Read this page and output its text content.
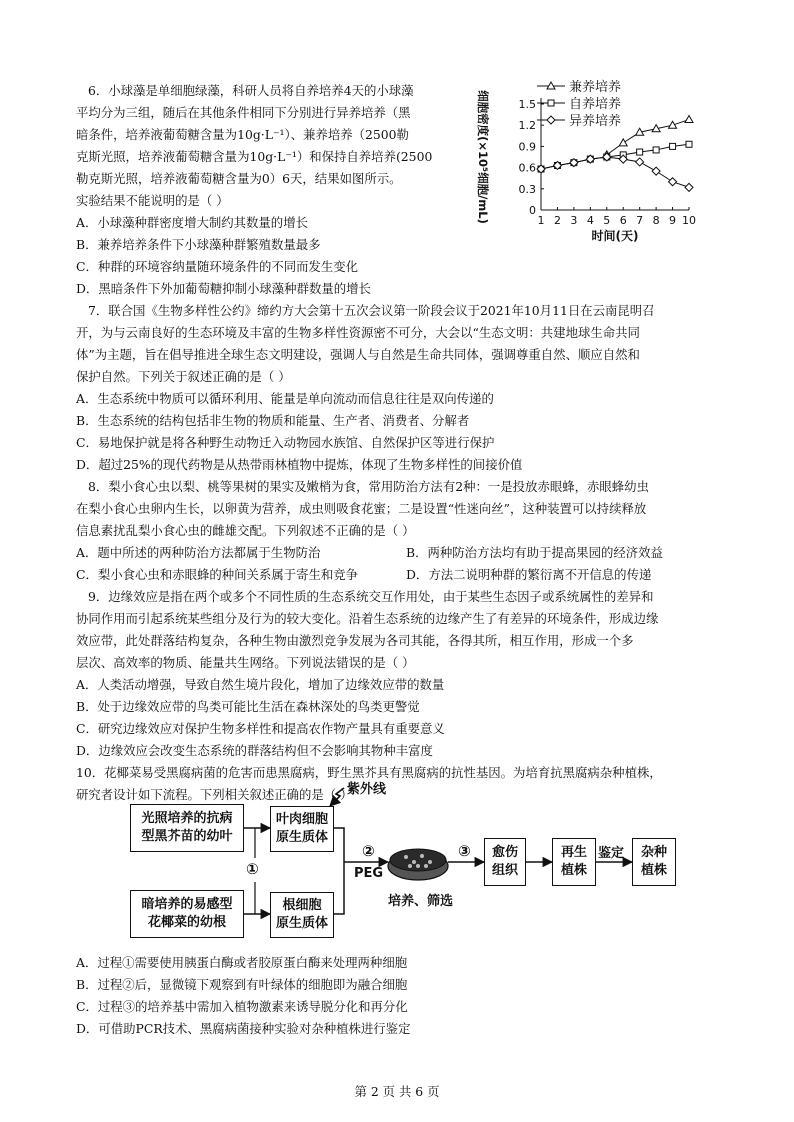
6．小球藻是单细胞绿藻，科研人员将自养培养4天的小球藻
平均分为三组，随后在其他条件相同下分别进行异养培养（黑
暗条件，培养液葡萄糖含量为10g·L⁻¹）、兼养培养（2500勒
克斯光照，培养液葡萄糖含量为10g·L⁻¹）和保持自养培养(2500
勒克斯光照，培养液葡萄糖含量为0）6天，结果如图所示。
实验结果不能说明的是（ ）
A．小球藻种群密度增大制约其数量的增长
B．兼养培养条件下小球藻种群繁殖数量最多
C．种群的环境容纳量随环境条件的不同而发生变化
D．黑暗条件下外加葡萄糖抑制小球藻种群数量的增长
0
0.3
0.6
0.9
1.2
1.5
1 2 3 4 5 6 7 8 9 10
时间(天)
细胞密度(×10⁵细胞/mL)
兼养培养
自养培养
异养培养
7．联合国《生物多样性公约》缔约方大会第十五次会议第一阶段会议于2021年10月11日在云南昆明召
开，为与云南良好的生态环境及丰富的生物多样性资源密不可分，大会以“生态文明：共建地球生命共同
体”为主题，旨在倡导推进全球生态文明建设，强调人与自然是生命共同体，强调尊重自然、顺应自然和
保护自然。下列关于叙述正确的是（ ）
A．生态系统中物质可以循环利用、能量是单向流动而信息往往是双向传递的
B．生态系统的结构包括非生物的物质和能量、生产者、消费者、分解者
C．易地保护就是将各种野生动物迁入动物园水族馆、自然保护区等进行保护
D．超过25%的现代药物是从热带雨林植物中提炼，体现了生物多样性的间接价值
8．梨小食心虫以梨、桃等果树的果实及嫩梢为食，常用防治方法有2种：一是投放赤眼蜂，赤眼蜂幼虫
在梨小食心虫卵内生长，以卵黄为营养，成虫则吸食花蜜；二是设置“性迷向丝”，这种装置可以持续释放
信息素扰乱梨小食心虫的雌雄交配。下列叙述不正确的是（ ）
A．题中所述的两种防治方法都属于生物防治	B．两种防治方法均有助于提高果园的经济效益
C．梨小食心虫和赤眼蜂的种间关系属于寄生和竞争	D．方法二说明种群的繁衍离不开信息的传递
9．边缘效应是指在两个或多个不同性质的生态系统交互作用处，由于某些生态因子或系统属性的差异和
协同作用而引起系统某些组分及行为的较大变化。沿着生态系统的边缘产生了有差异的环境条件，形成边缘
效应带，此处群落结构复杂，各种生物由激烈竞争发展为各司其能，各得其所，相互作用，形成一个多
层次、高效率的物质、能量共生网络。下列说法错误的是（ ）
A．人类活动增强，导致自然生境片段化，增加了边缘效应带的数量
B．处于边缘效应带的鸟类可能比生活在森林深处的鸟类更警觉
C．研究边缘效应对保护生物多样性和提高农作物产量具有重要意义
D．边缘效应会改变生态系统的群落结构但不会影响其物种丰富度
10．花椰菜易受黑腐病菌的危害而患黑腐病，野生黑芥具有黑腐病的抗性基因。为培育抗黑腐病杂种植株，
研究者设计如下流程。下列相关叙述正确的是（ ）
光照培养的抗病
型黑芥苗的幼叶
暗培养的易感型
花椰菜的幼根
叶肉细胞
原生质体
根细胞
原生质体
愈伤
组织
再生
植株
杂种
植株
紫外线
①
②
PEG
③
培养、筛选
鉴定
A．过程①需要使用胰蛋白酶或者胶原蛋白酶来处理两种细胞
B．过程②后，显微镜下观察到有叶绿体的细胞即为融合细胞
C．过程③的培养基中需加入植物激素来诱导脱分化和再分化
D．可借助PCR技术、黑腐病菌接种实验对杂种植株进行鉴定
第 2 页 共 6 页
